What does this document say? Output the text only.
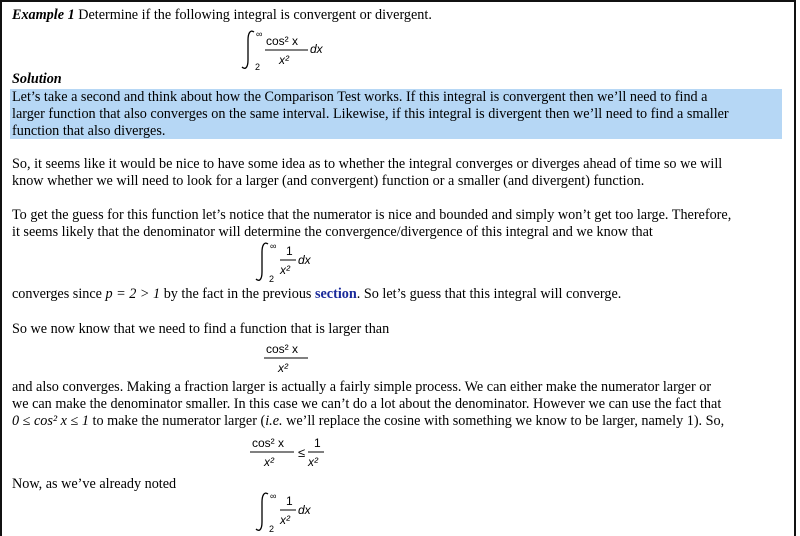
Example 1 Determine if the following integral is convergent or divergent.
∞
2
cos² x
x²
dx
Solution
Let’s take a second and think about how the Comparison Test works. If this integral is convergent then we’ll need to find a
larger function that also converges on the same interval. Likewise, if this integral is divergent then we’ll need to find a smaller
function that also diverges.
So, it seems like it would be nice to have some idea as to whether the integral converges or diverges ahead of time so we will
know whether we will need to look for a larger (and convergent) function or a smaller (and divergent) function.
To get the guess for this function let’s notice that the numerator is nice and bounded and simply won’t get too large. Therefore,
it seems likely that the denominator will determine the convergence/divergence of this integral and we know that
∞
2
1
x²
dx
converges since p = 2 > 1 by the fact in the previous section. So let’s guess that this integral will converge.
So we now know that we need to find a function that is larger than
cos² x
x²
and also converges. Making a fraction larger is actually a fairly simple process. We can either make the numerator larger or
we can make the denominator smaller. In this case we can’t do a lot about the denominator. However we can use the fact that
0 ≤ cos² x ≤ 1 to make the numerator larger (i.e. we’ll replace the cosine with something we know to be larger, namely 1). So,
cos² x
x²
≤
1
x²
Now, as we’ve already noted
∞
2
1
x²
dx
